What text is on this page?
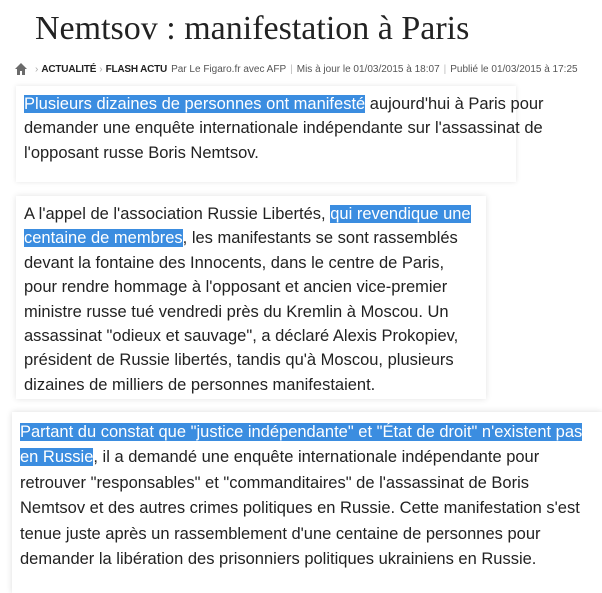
Nemtsov : manifestation à Paris
› ACTUALITÉ › FLASH ACTU Par Le Figaro.fr avec AFP | Mis à jour le 01/03/2015 à 18:07 | Publié le 01/03/2015 à 17:25

Plusieurs dizaines de personnes ont manifesté aujourd'hui à Paris pour demander une enquête internationale indépendante sur l'assassinat de l'opposant russe Boris Nemtsov.

A l'appel de l'association Russie Libertés, qui revendique une centaine de membres, les manifestants se sont rassemblés devant la fontaine des Innocents, dans le centre de Paris, pour rendre hommage à l'opposant et ancien vice-premier ministre russe tué vendredi près du Kremlin à Moscou. Un assassinat "odieux et sauvage", a déclaré Alexis Prokopiev, président de Russie libertés, tandis qu'à Moscou, plusieurs dizaines de milliers de personnes manifestaient.

Partant du constat que "justice indépendante" et "État de droit" n'existent pas en Russie, il a demandé une enquête internationale indépendante pour retrouver "responsables" et "commanditaires" de l'assassinat de Boris Nemtsov et des autres crimes politiques en Russie. Cette manifestation s'est tenue juste après un rassemblement d'une centaine de personnes pour demander la libération des prisonniers politiques ukrainiens en Russie.
